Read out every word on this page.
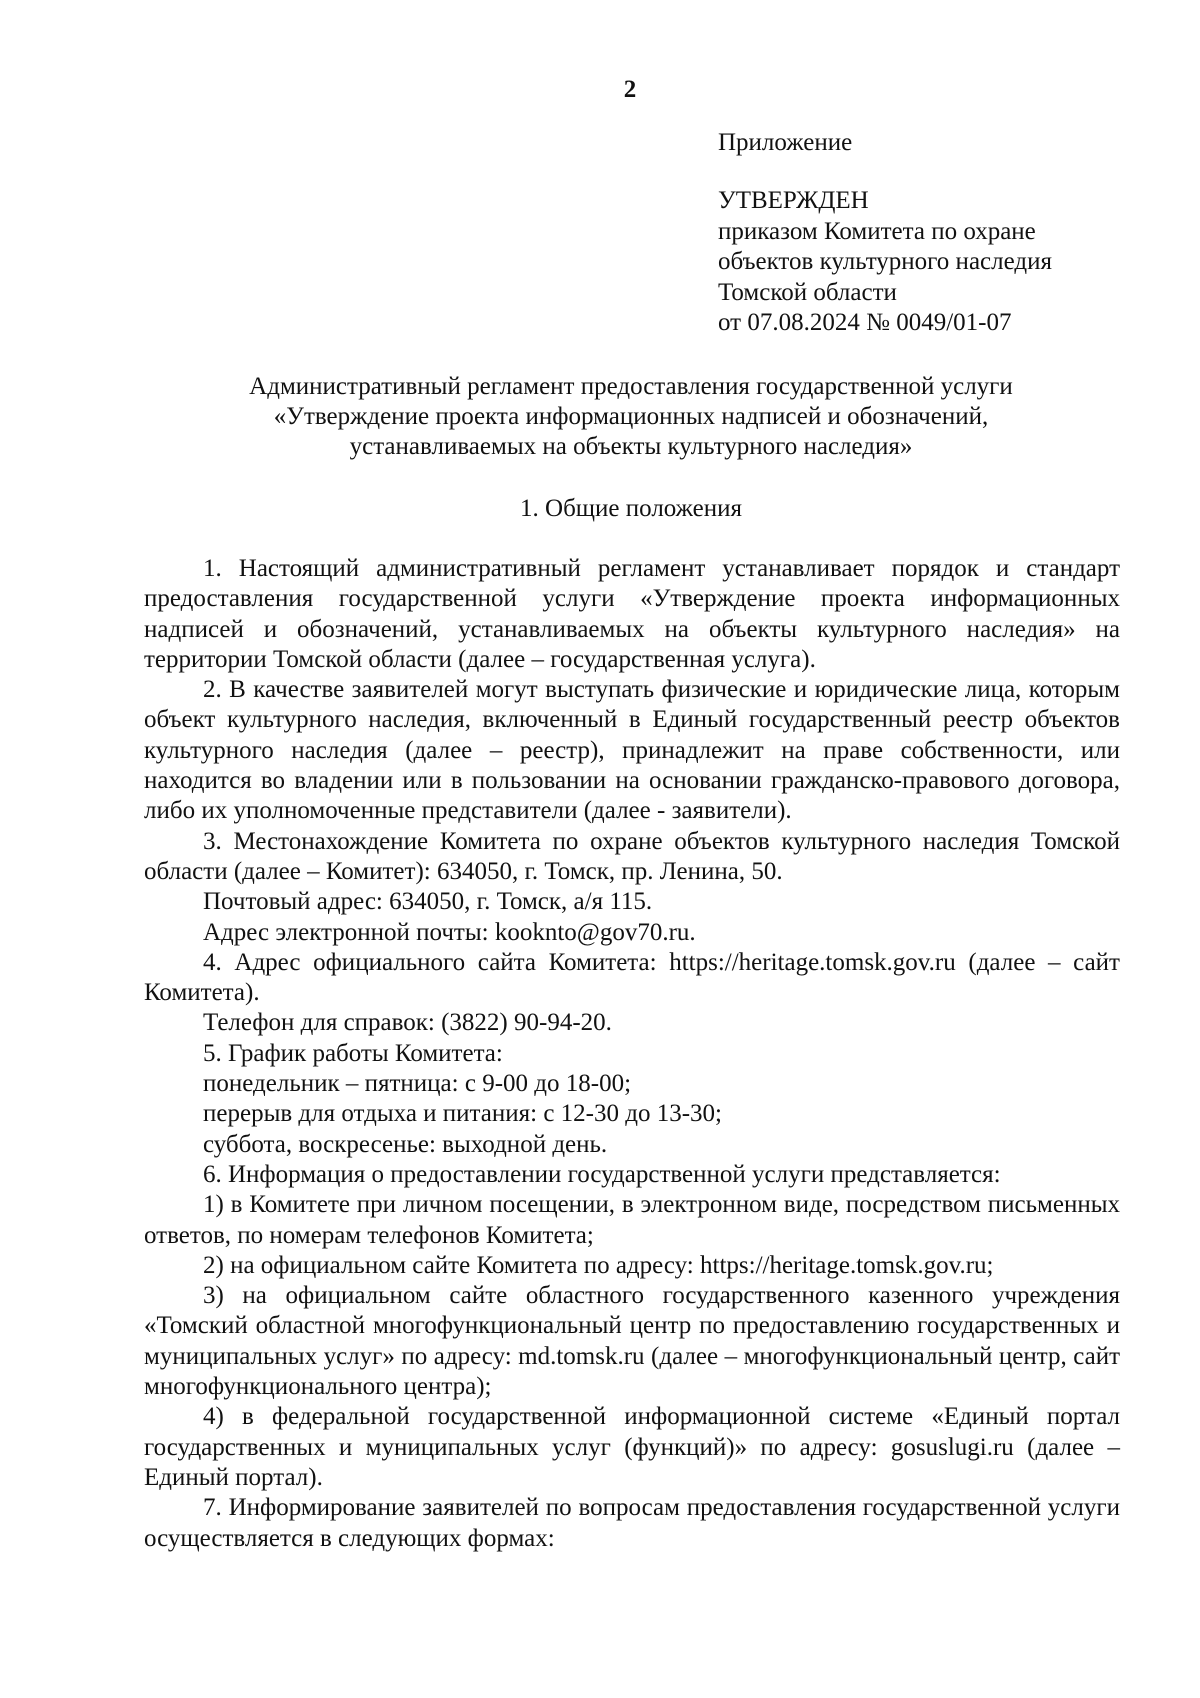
2
Приложение
УТВЕРЖДЕН
приказом Комитета по охране
объектов культурного наследия
Томской области
от 07.08.2024 № 0049/01-07
Административный регламент предоставления государственной услуги
«Утверждение проекта информационных надписей и обозначений,
устанавливаемых на объекты культурного наследия»
1. Общие положения

1. Настоящий административный регламент устанавливает порядок и стандарт предоставления государственной услуги «Утверждение проекта информационных надписей и обозначений, устанавливаемых на объекты культурного наследия» на территории Томской области (далее – государственная услуга).

2. В качестве заявителей могут выступать физические и юридические лица, которым объект культурного наследия, включенный в Единый государственный реестр объектов культурного наследия (далее – реестр), принадлежит на праве собственности, или находится во владении или в пользовании на основании гражданско-правового договора, либо их уполномоченные представители (далее - заявители).

3. Местонахождение Комитета по охране объектов культурного наследия Томской области (далее – Комитет): 634050, г. Томск, пр. Ленина, 50.

Почтовый адрес: 634050, г. Томск, а/я 115.

Адрес электронной почты: kooknto@gov70.ru.

4. Адрес официального сайта Комитета: https://heritage.tomsk.gov.ru (далее – сайт Комитета).

Телефон для справок: (3822) 90-94-20.

5. График работы Комитета:

понедельник – пятница: с 9-00 до 18-00;

перерыв для отдыха и питания: с 12-30 до 13-30;

суббота, воскресенье: выходной день.

6. Информация о предоставлении государственной услуги представляется:

1) в Комитете при личном посещении, в электронном виде, посредством письменных ответов, по номерам телефонов Комитета;

2) на официальном сайте Комитета по адресу: https://heritage.tomsk.gov.ru;

3) на официальном сайте областного государственного казенного учреждения «Томский областной многофункциональный центр по предоставлению государственных и муниципальных услуг» по адресу: md.tomsk.ru (далее – многофункциональный центр, сайт многофункционального центра);

4) в федеральной государственной информационной системе «Единый портал государственных и муниципальных услуг (функций)» по адресу: gosuslugi.ru (далее – Единый портал).

7. Информирование заявителей по вопросам предоставления государственной услуги осуществляется в следующих формах:
